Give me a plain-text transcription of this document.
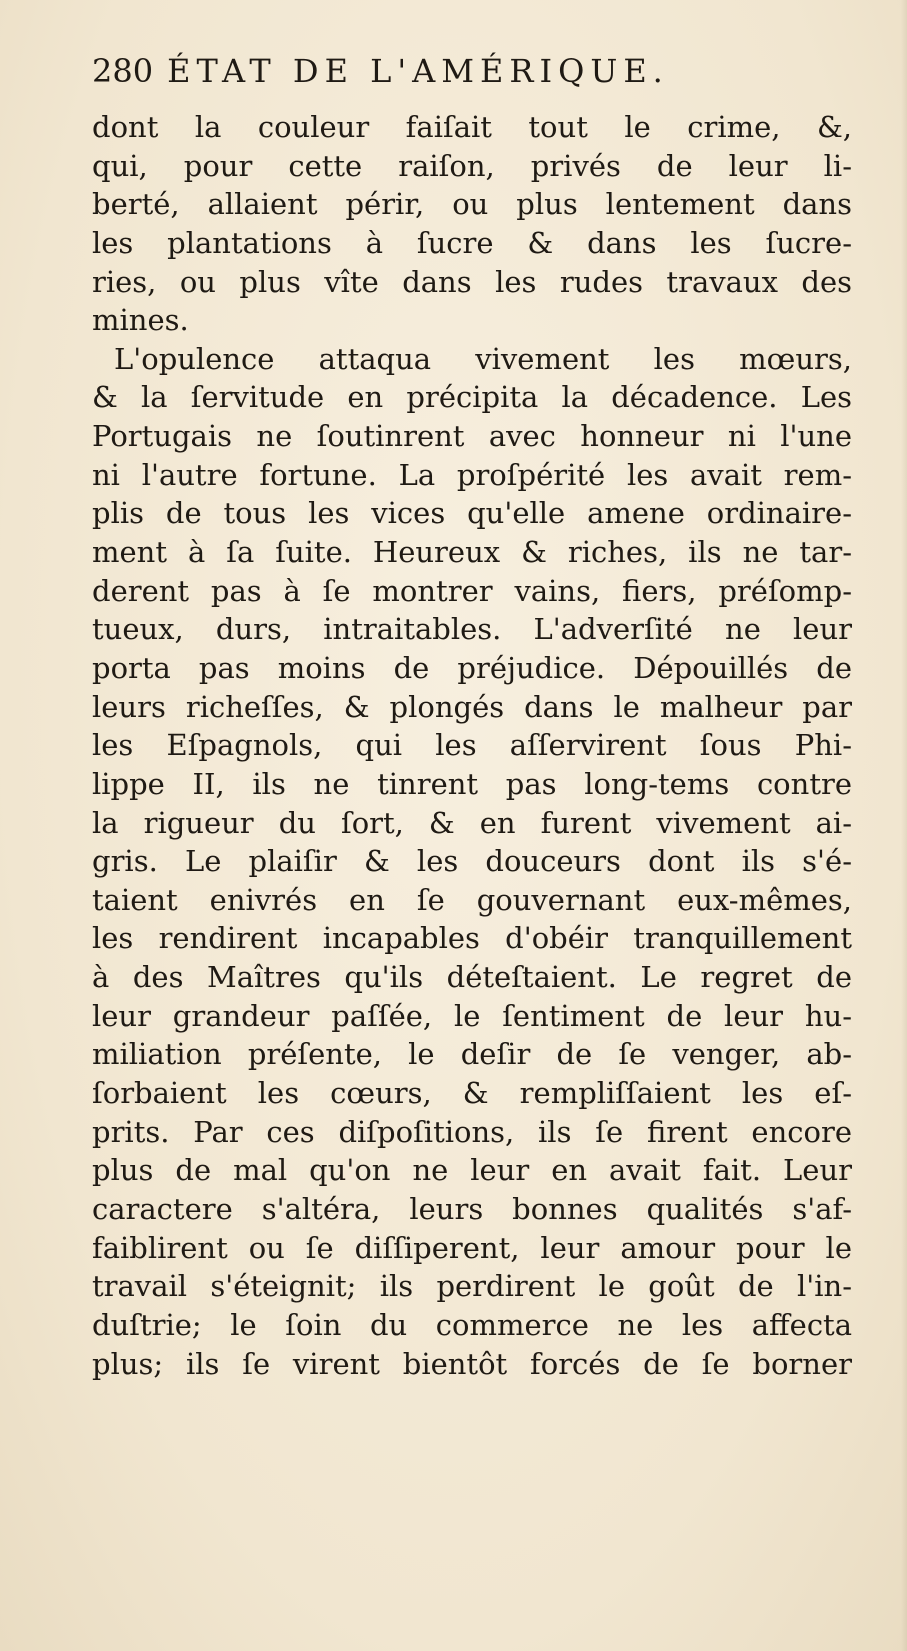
280 ÉTAT DE L'AMÉRIQUE.
dont la couleur faiſait tout le crime, &,
qui, pour cette raiſon, privés de leur li-
berté, allaient périr, ou plus lentement dans
les plantations à ſucre & dans les ſucre-
ries, ou plus vîte dans les rudes travaux des
mines.
L'opulence attaqua vivement les mœurs,
& la ſervitude en précipita la décadence. Les
Portugais ne ſoutinrent avec honneur ni l'une
ni l'autre fortune. La proſpérité les avait rem-
plis de tous les vices qu'elle amene ordinaire-
ment à ſa ſuite. Heureux & riches, ils ne tar-
derent pas à ſe montrer vains, fiers, préſomp-
tueux, durs, intraitables. L'adverſité ne leur
porta pas moins de préjudice. Dépouillés de
leurs richeſſes, & plongés dans le malheur par
les Eſpagnols, qui les aſſervirent ſous Phi-
lippe II, ils ne tinrent pas long-tems contre
la rigueur du ſort, & en furent vivement ai-
gris. Le plaiſir & les douceurs dont ils s'é-
taient enivrés en ſe gouvernant eux-mêmes,
les rendirent incapables d'obéir tranquillement
à des Maîtres qu'ils déteſtaient. Le regret de
leur grandeur paſſée, le ſentiment de leur hu-
miliation préſente, le deſir de ſe venger, ab-
ſorbaient les cœurs, & rempliſſaient les eſ-
prits. Par ces diſpoſitions, ils ſe firent encore
plus de mal qu'on ne leur en avait fait. Leur
caractere s'altéra, leurs bonnes qualités s'af-
faiblirent ou ſe diſſiperent, leur amour pour le
travail s'éteignit; ils perdirent le goût de l'in-
duſtrie; le ſoin du commerce ne les affecta
plus; ils ſe virent bientôt forcés de ſe borner
